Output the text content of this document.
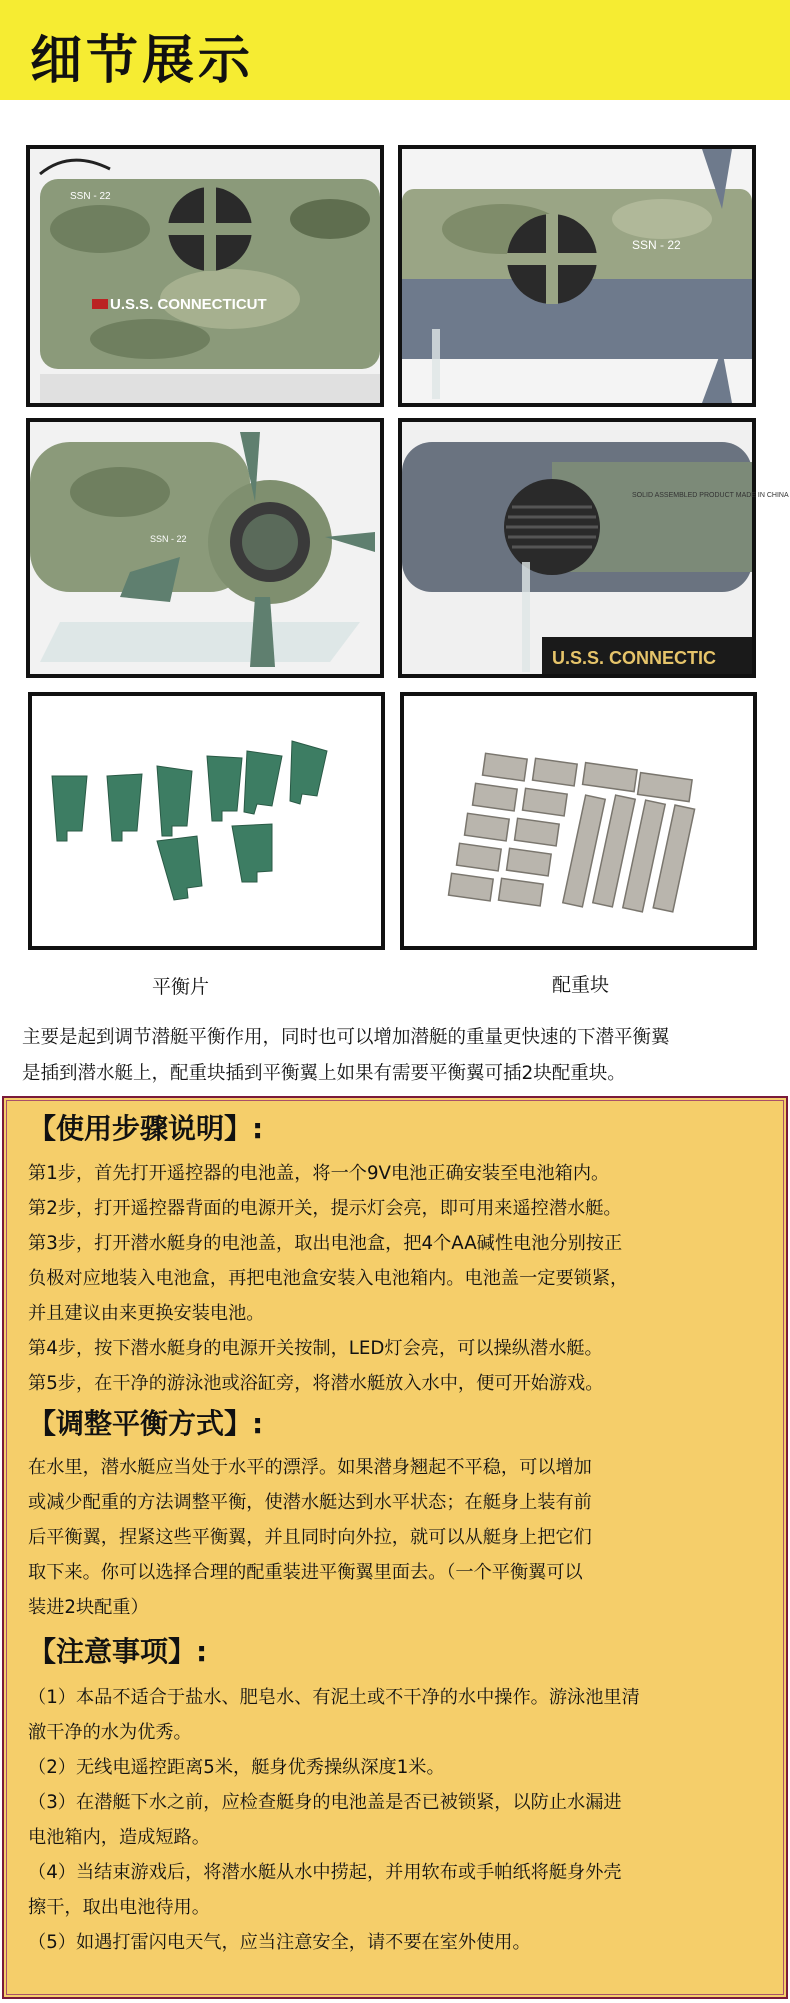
细节展示
SSN - 22
U.S.S. CONNECTICUT
SSN - 22
SSN - 22
SOLID ASSEMBLED PRODUCT MADE IN CHINA
U.S.S. CONNECTIC
平衡片	配重块

主要是起到调节潜艇平衡作用，同时也可以增加潜艇的重量更快速的下潜平衡翼

是插到潜水艇上，配重块插到平衡翼上如果有需要平衡翼可插2块配重块。

【使用步骤说明】:

第1步，首先打开遥控器的电池盖，将一个9V电池正确安装至电池箱内。

第2步，打开遥控器背面的电源开关，提示灯会亮，即可用来遥控潜水艇。

第3步，打开潜水艇身的电池盖，取出电池盒，把4个AA碱性电池分别按正

负极对应地装入电池盒，再把电池盒安装入电池箱内。电池盖一定要锁紧，

并且建议由来更换安装电池。

第4步，按下潜水艇身的电源开关按制，LED灯会亮，可以操纵潜水艇。

第5步，在干净的游泳池或浴缸旁，将潜水艇放入水中，便可开始游戏。

【调整平衡方式】:

在水里，潜水艇应当处于水平的漂浮。如果潜身翘起不平稳，可以增加

或减少配重的方法调整平衡，使潜水艇达到水平状态；在艇身上装有前

后平衡翼，捏紧这些平衡翼，并且同时向外拉，就可以从艇身上把它们

取下来。你可以选择合理的配重装进平衡翼里面去。（一个平衡翼可以

装进2块配重）

【注意事项】:

（1）本品不适合于盐水、肥皂水、有泥土或不干净的水中操作。游泳池里清

澈干净的水为优秀。

（2）无线电遥控距离5米，艇身优秀操纵深度1米。

（3）在潜艇下水之前，应检查艇身的电池盖是否已被锁紧，以防止水漏进

电池箱内，造成短路。

（4）当结束游戏后，将潜水艇从水中捞起，并用软布或手帕纸将艇身外壳

擦干，取出电池待用。

（5）如遇打雷闪电天气，应当注意安全，请不要在室外使用。
